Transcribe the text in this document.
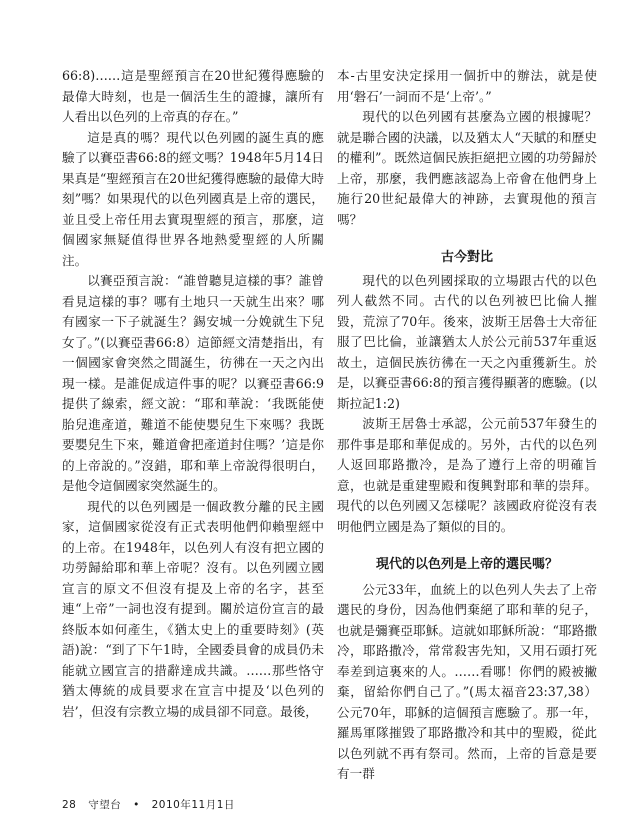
66:8)……這是聖經預言在20世紀獲得應驗的最偉大時刻，也是一個活生生的證據，讓所有人看出以色列的上帝真的存在。”

這是真的嗎？現代以色列國的誕生真的應驗了以賽亞書66:8的經文嗎？1948年5月14日果真是“聖經預言在20世紀獲得應驗的最偉大時刻”嗎？如果現代的以色列國真是上帝的選民，並且受上帝任用去實現聖經的預言，那麼，這個國家無疑值得世界各地熱愛聖經的人所關注。

以賽亞預言說：“誰曾聽見這樣的事？誰曾看見這樣的事？哪有土地只一天就生出來？哪有國家一下子就誕生？錫安城一分娩就生下兒女了。”(以賽亞書66:8）這節經文清楚指出，有一個國家會突然之間誕生，彷彿在一天之內出現一樣。是誰促成這件事的呢？以賽亞書66:9提供了線索，經文說：“耶和華說：‘我既能使胎兒進產道，難道不能使嬰兒生下來嗎？我既要嬰兒生下來，難道會把產道封住嗎？’這是你的上帝說的。”沒錯，耶和華上帝說得很明白，是他令這個國家突然誕生的。

現代的以色列國是一個政教分離的民主國家，這個國家從沒有正式表明他們仰賴聖經中的上帝。在1948年，以色列人有沒有把立國的功勞歸給耶和華上帝呢？沒有。以色列國立國宣言的原文不但沒有提及上帝的名字，甚至連“上帝”一詞也沒有提到。關於這份宣言的最終版本如何產生，《猶太史上的重要時刻》(英語)說：“到了下午1時，全國委員會的成員仍未能就立國宣言的措辭達成共識。……那些恪守猶太傳統的成員要求在宣言中提及‘以色列的岩’，但沒有宗教立場的成員卻不同意。最後，

本-古里安決定採用一個折中的辦法，就是使用‘磐石’一詞而不是‘上帝’。”

現代的以色列國有甚麼為立國的根據呢？就是聯合國的決議，以及猶太人“天賦的和歷史的權利”。既然這個民族拒絕把立國的功勞歸於上帝，那麼，我們應該認為上帝會在他們身上施行20世紀最偉大的神跡，去實現他的預言嗎？

古今對比

現代的以色列國採取的立場跟古代的以色列人截然不同。古代的以色列被巴比倫人摧毀，荒涼了70年。後來，波斯王居魯士大帝征服了巴比倫，並讓猶太人於公元前537年重返故土，這個民族彷彿在一天之內重獲新生。於是，以賽亞書66:8的預言獲得顯著的應驗。(以斯拉記1:2)

波斯王居魯士承認，公元前537年發生的那件事是耶和華促成的。另外，古代的以色列人返回耶路撒冷，是為了遵行上帝的明確旨意，也就是重建聖殿和復興對耶和華的崇拜。現代的以色列國又怎樣呢？該國政府從沒有表明他們立國是為了類似的目的。

現代的以色列是上帝的選民嗎？

公元33年，血統上的以色列人失去了上帝選民的身份，因為他們棄絕了耶和華的兒子，也就是彌賽亞耶穌。這就如耶穌所說：“耶路撒冷，耶路撒冷，常常殺害先知，又用石頭打死奉差到這裏來的人。……看哪！你們的殿被撇棄，留給你們自己了。”(馬太福音23:37,38）公元70年，耶穌的這個預言應驗了。那一年，羅馬軍隊摧毀了耶路撒冷和其中的聖殿，從此以色列就不再有祭司。然而，上帝的旨意是要有一群

28 守望台 • 2010年11月1日
